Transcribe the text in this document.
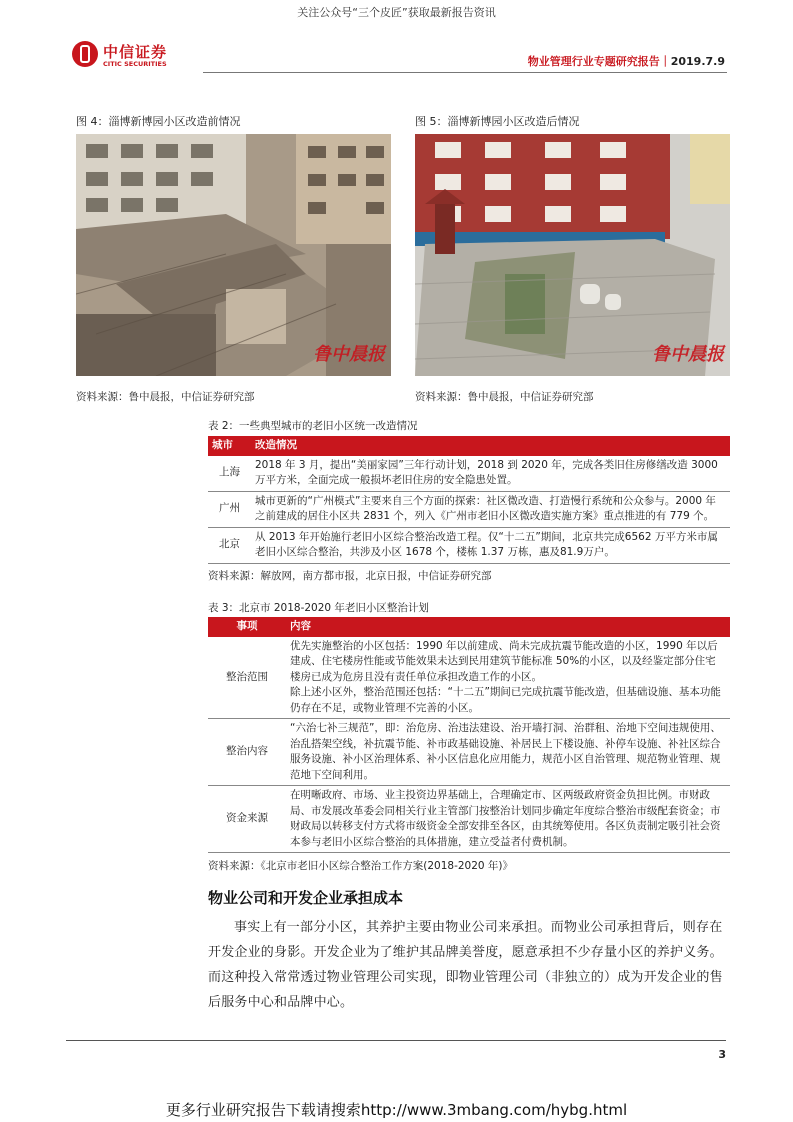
关注公众号“三个皮匠”获取最新报告资讯
中信证券
CITIC SECURITIES	物业管理行业专题研究报告｜2019.7.9
图 4：淄博新博园小区改造前情况
鲁中晨报
资料来源：鲁中晨报，中信证券研究部
图 5：淄博新博园小区改造后情况
鲁中晨报
资料来源：鲁中晨报，中信证券研究部
表 2：一些典型城市的老旧小区统一改造情况
城市	改造情况
上海	2018 年 3 月，提出“美丽家园”三年行动计划，2018 到 2020 年，完成各类旧住房修缮改造 3000 万平方米，全面完成一般损坏老旧住房的安全隐患处置。
广州	城市更新的“广州模式”主要来自三个方面的探索：社区微改造、打造慢行系统和公众参与。2000 年之前建成的居住小区共 2831 个，列入《广州市老旧小区微改造实施方案》重点推进的有 779 个。
北京	从 2013 年开始施行老旧小区综合整治改造工程。仅“十二五”期间，北京共完成6562 万平方米市属老旧小区综合整治，共涉及小区 1678 个，楼栋 1.37 万栋，惠及81.9万户。
资料来源：解放网，南方都市报，北京日报，中信证券研究部
表 3：北京市 2018-2020 年老旧小区整治计划
事项	内容
整治范围	优先实施整治的小区包括：1990 年以前建成、尚未完成抗震节能改造的小区，1990 年以后建成、住宅楼房性能或节能效果未达到民用建筑节能标准 50%的小区，以及经鉴定部分住宅楼房已成为危房且没有责任单位承担改造工作的小区。
除上述小区外，整治范围还包括：“十二五”期间已完成抗震节能改造，但基础设施、基本功能仍存在不足，或物业管理不完善的小区。

整治内容	“六治七补三规范”，即：治危房、治违法建设、治开墙打洞、治群租、治地下空间违规使用、治乱搭架空线，补抗震节能、补市政基础设施、补居民上下楼设施、补停车设施、补社区综合服务设施、补小区治理体系、补小区信息化应用能力，规范小区自治管理、规范物业管理、规范地下空间利用。
资金来源	在明晰政府、市场、业主投资边界基础上，合理确定市、区两级政府资金负担比例。市财政局、市发展改革委会同相关行业主管部门按整治计划同步确定年度综合整治市级配套资金；市财政局以转移支付方式将市级资金全部安排至各区，由其统筹使用。各区负责制定吸引社会资本参与老旧小区综合整治的具体措施，建立受益者付费机制。
资料来源：《北京市老旧小区综合整治工作方案(2018-2020 年)》
物业公司和开发企业承担成本
事实上有一部分小区，其养护主要由物业公司来承担。而物业公司承担背后，则存在开发企业的身影。开发企业为了维护其品牌美誉度，愿意承担不少存量小区的养护义务。而这种投入常常透过物业管理公司实现，即物业管理公司（非独立的）成为开发企业的售后服务中心和品牌中心。
3
更多行业研究报告下载请搜索http://www.3mbang.com/hybg.html
